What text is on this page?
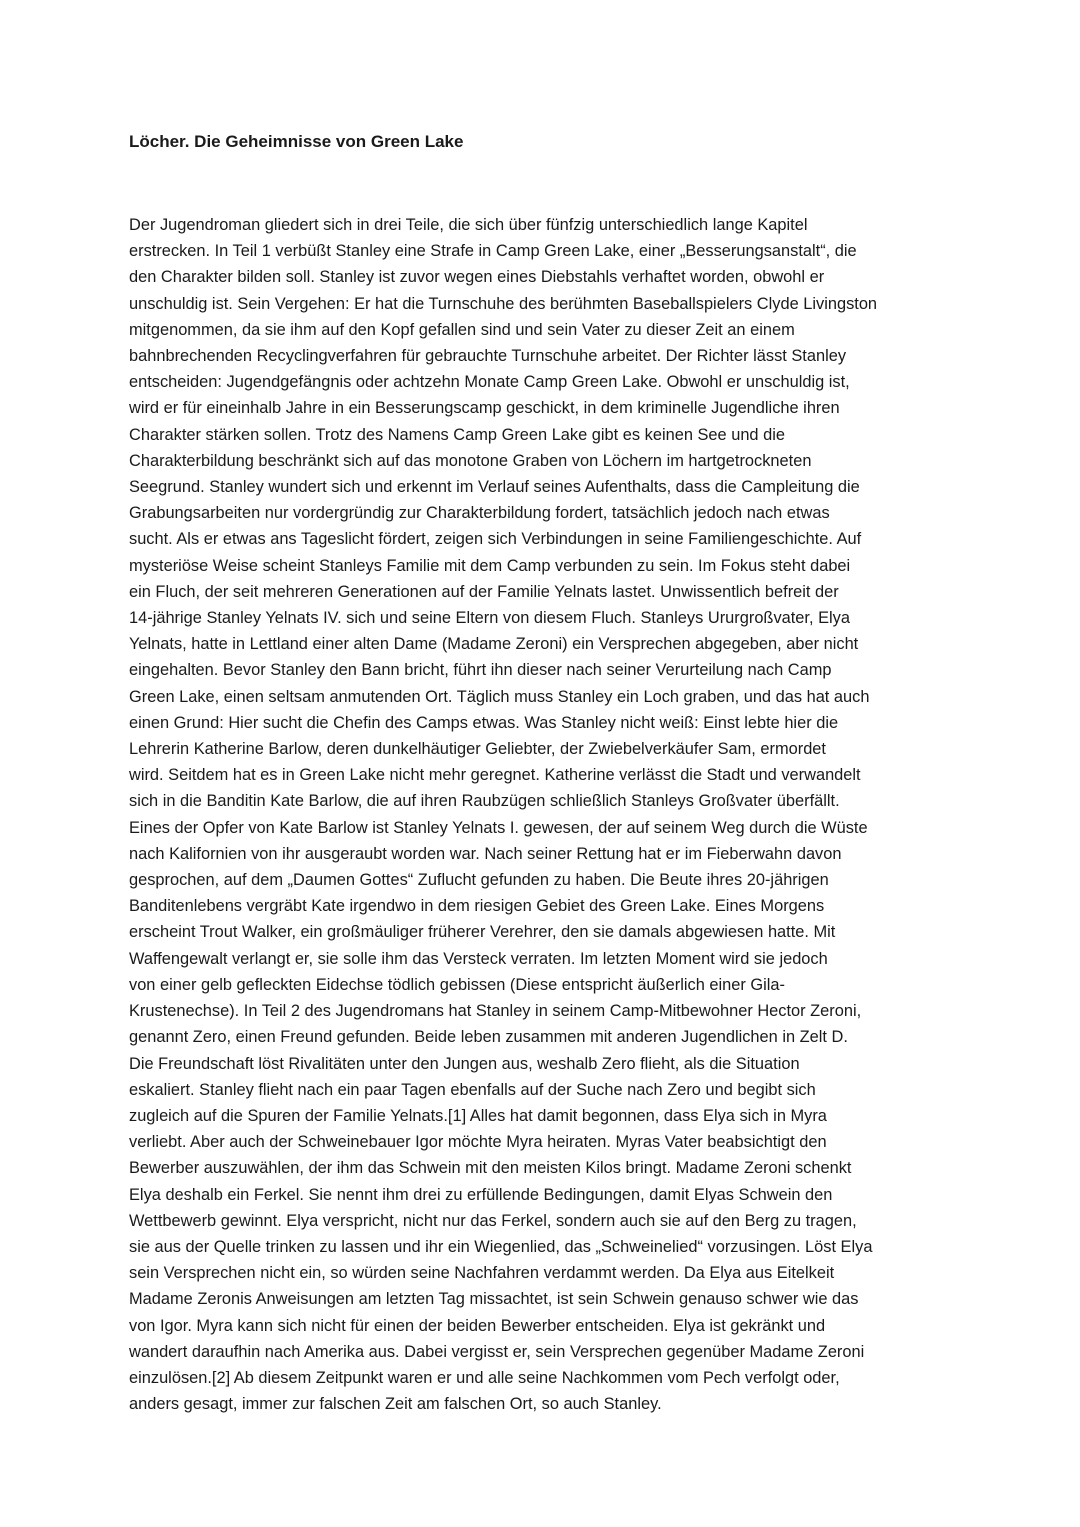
Löcher. Die Geheimnisse von Green Lake
Der Jugendroman gliedert sich in drei Teile, die sich über fünfzig unterschiedlich lange Kapitel
erstrecken. In Teil 1 verbüßt Stanley eine Strafe in Camp Green Lake, einer „Besserungsanstalt“, die
den Charakter bilden soll. Stanley ist zuvor wegen eines Diebstahls verhaftet worden, obwohl er
unschuldig ist. Sein Vergehen: Er hat die Turnschuhe des berühmten Baseballspielers Clyde Livingston
mitgenommen, da sie ihm auf den Kopf gefallen sind und sein Vater zu dieser Zeit an einem
bahnbrechenden Recyclingverfahren für gebrauchte Turnschuhe arbeitet. Der Richter lässt Stanley
entscheiden: Jugendgefängnis oder achtzehn Monate Camp Green Lake. Obwohl er unschuldig ist,
wird er für eineinhalb Jahre in ein Besserungscamp geschickt, in dem kriminelle Jugendliche ihren
Charakter stärken sollen. Trotz des Namens Camp Green Lake gibt es keinen See und die
Charakterbildung beschränkt sich auf das monotone Graben von Löchern im hartgetrockneten
Seegrund. Stanley wundert sich und erkennt im Verlauf seines Aufenthalts, dass die Campleitung die
Grabungsarbeiten nur vordergründig zur Charakterbildung fordert, tatsächlich jedoch nach etwas
sucht. Als er etwas ans Tageslicht fördert, zeigen sich Verbindungen in seine Familiengeschichte. Auf
mysteriöse Weise scheint Stanleys Familie mit dem Camp verbunden zu sein. Im Fokus steht dabei
ein Fluch, der seit mehreren Generationen auf der Familie Yelnats lastet. Unwissentlich befreit der
14-jährige Stanley Yelnats IV. sich und seine Eltern von diesem Fluch. Stanleys Ururgroßvater, Elya
Yelnats, hatte in Lettland einer alten Dame (Madame Zeroni) ein Versprechen abgegeben, aber nicht
eingehalten. Bevor Stanley den Bann bricht, führt ihn dieser nach seiner Verurteilung nach Camp
Green Lake, einen seltsam anmutenden Ort. Täglich muss Stanley ein Loch graben, und das hat auch
einen Grund: Hier sucht die Chefin des Camps etwas. Was Stanley nicht weiß: Einst lebte hier die
Lehrerin Katherine Barlow, deren dunkelhäutiger Geliebter, der Zwiebelverkäufer Sam, ermordet
wird. Seitdem hat es in Green Lake nicht mehr geregnet. Katherine verlässt die Stadt und verwandelt
sich in die Banditin Kate Barlow, die auf ihren Raubzügen schließlich Stanleys Großvater überfällt.
Eines der Opfer von Kate Barlow ist Stanley Yelnats I. gewesen, der auf seinem Weg durch die Wüste
nach Kalifornien von ihr ausgeraubt worden war. Nach seiner Rettung hat er im Fieberwahn davon
gesprochen, auf dem „Daumen Gottes“ Zuflucht gefunden zu haben. Die Beute ihres 20-jährigen
Banditenlebens vergräbt Kate irgendwo in dem riesigen Gebiet des Green Lake. Eines Morgens
erscheint Trout Walker, ein großmäuliger früherer Verehrer, den sie damals abgewiesen hatte. Mit
Waffengewalt verlangt er, sie solle ihm das Versteck verraten. Im letzten Moment wird sie jedoch
von einer gelb gefleckten Eidechse tödlich gebissen (Diese entspricht äußerlich einer Gila-
Krustenechse). In Teil 2 des Jugendromans hat Stanley in seinem Camp-Mitbewohner Hector Zeroni,
genannt Zero, einen Freund gefunden. Beide leben zusammen mit anderen Jugendlichen in Zelt D.
Die Freundschaft löst Rivalitäten unter den Jungen aus, weshalb Zero flieht, als die Situation
eskaliert. Stanley flieht nach ein paar Tagen ebenfalls auf der Suche nach Zero und begibt sich
zugleich auf die Spuren der Familie Yelnats.[1] Alles hat damit begonnen, dass Elya sich in Myra
verliebt. Aber auch der Schweinebauer Igor möchte Myra heiraten. Myras Vater beabsichtigt den
Bewerber auszuwählen, der ihm das Schwein mit den meisten Kilos bringt. Madame Zeroni schenkt
Elya deshalb ein Ferkel. Sie nennt ihm drei zu erfüllende Bedingungen, damit Elyas Schwein den
Wettbewerb gewinnt. Elya verspricht, nicht nur das Ferkel, sondern auch sie auf den Berg zu tragen,
sie aus der Quelle trinken zu lassen und ihr ein Wiegenlied, das „Schweinelied“ vorzusingen. Löst Elya
sein Versprechen nicht ein, so würden seine Nachfahren verdammt werden. Da Elya aus Eitelkeit
Madame Zeronis Anweisungen am letzten Tag missachtet, ist sein Schwein genauso schwer wie das
von Igor. Myra kann sich nicht für einen der beiden Bewerber entscheiden. Elya ist gekränkt und
wandert daraufhin nach Amerika aus. Dabei vergisst er, sein Versprechen gegenüber Madame Zeroni
einzulösen.[2] Ab diesem Zeitpunkt waren er und alle seine Nachkommen vom Pech verfolgt oder,
anders gesagt, immer zur falschen Zeit am falschen Ort, so auch Stanley.
